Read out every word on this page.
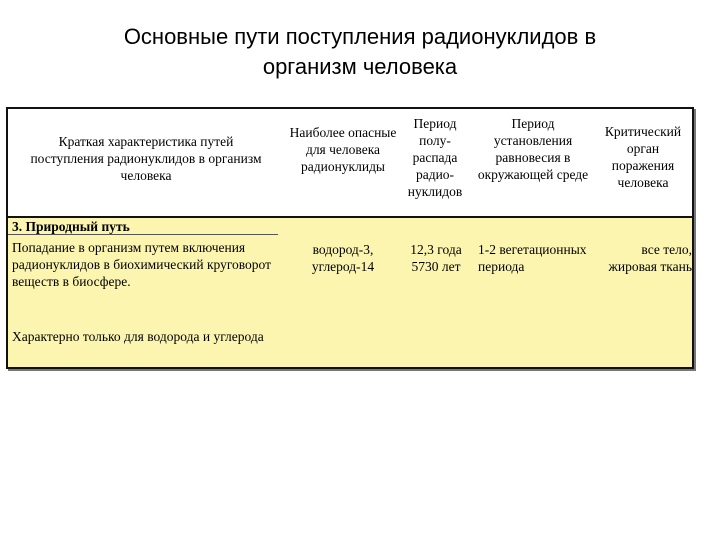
Основные пути поступления радионуклидов в
организм человека
Краткая характеристика путей поступления радионуклидов в организм человека
Наиболее опасные для человека радионуклиды
Период полу-распада радио-нуклидов
Период установления равновесия в окружающей среде
Критический орган поражения человека
3. Природный путь
Попадание в организм путем включения радионуклидов в биохимический круговорот веществ в биосфере.
Характерно только для водорода и углерода
водород-3, углерод-14
12,3 года 5730 лет
1-2 вегетационных периода
все тело, жировая ткань
